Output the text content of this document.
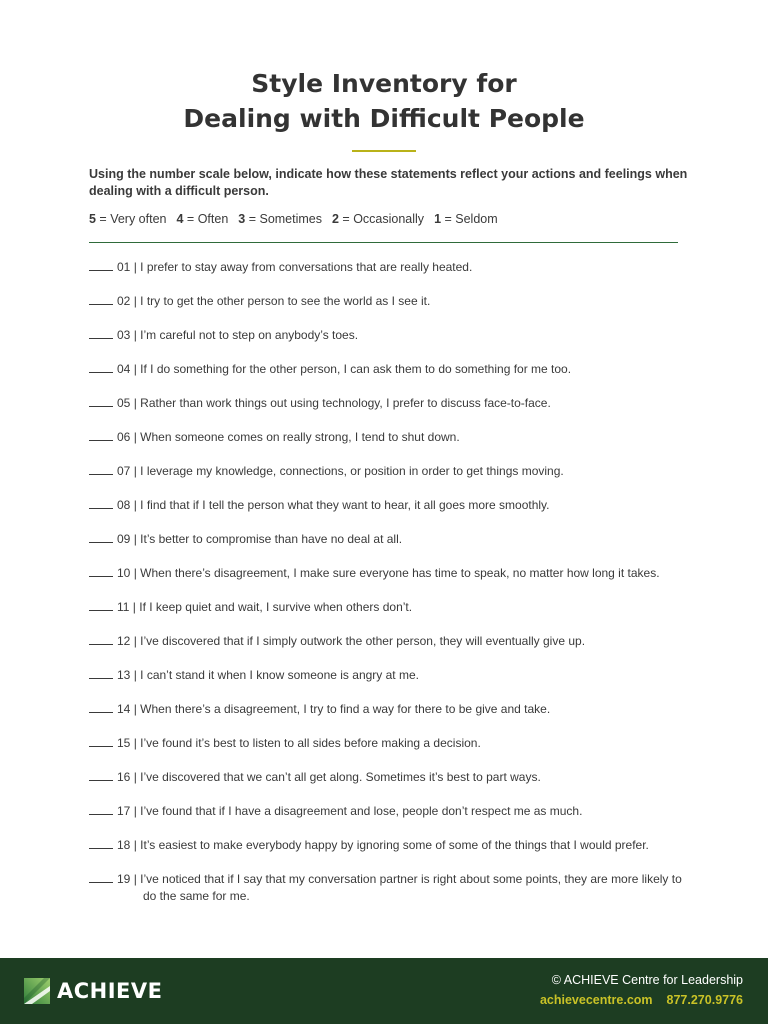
Style Inventory for
Dealing with Difficult People
Using the number scale below, indicate how these statements reflect your actions and feelings when dealing with a difficult person.
5 = Very often 4 = Often 3 = Sometimes 2 = Occasionally 1 = Seldom
01 | I prefer to stay away from conversations that are really heated.
02 | I try to get the other person to see the world as I see it.
03 | I’m careful not to step on anybody’s toes.
04 | If I do something for the other person, I can ask them to do something for me too.
05 | Rather than work things out using technology, I prefer to discuss face-to-face.
06 | When someone comes on really strong, I tend to shut down.
07 | I leverage my knowledge, connections, or position in order to get things moving.
08 | I find that if I tell the person what they want to hear, it all goes more smoothly.
09 | It’s better to compromise than have no deal at all.
10 | When there’s disagreement, I make sure everyone has time to speak, no matter how long it takes.
11 | If I keep quiet and wait, I survive when others don’t.
12 | I’ve discovered that if I simply outwork the other person, they will eventually give up.
13 | I can’t stand it when I know someone is angry at me.
14 | When there’s a disagreement, I try to find a way for there to be give and take.
15 | I’ve found it’s best to listen to all sides before making a decision.
16 | I’ve discovered that we can’t all get along. Sometimes it’s best to part ways.
17 | I’ve found that if I have a disagreement and lose, people don’t respect me as much.
18 | It’s easiest to make everybody happy by ignoring some of some of the things that I would prefer.
19 | I’ve noticed that if I say that my conversation partner is right about some points, they are more likely to do the same for me.
ACHIEVE	© ACHIEVE Centre for Leadership
achievecentre.com 877.270.9776
